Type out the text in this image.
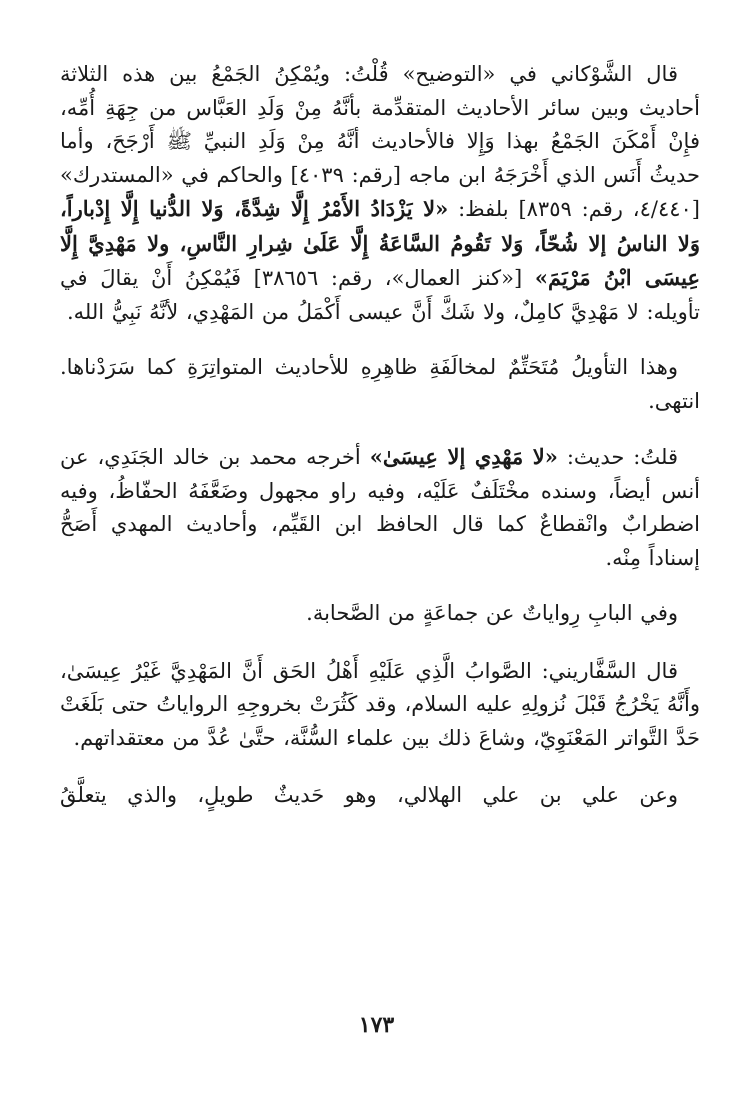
قال الشَّوْكاني في «التوضيح» قُلْتُ: ويُمْكِنُ الجَمْعُ بين هذه الثلاثة أحاديث وبين سائر الأحاديث المتقدِّمة بأنَّهُ مِنْ وَلَدِ العَبَّاس من جِهَةِ أُمِّه، فإِنْ أَمْكَنَ الجَمْعُ بهذا وَإِلا فالأحاديث أنَّهُ مِنْ وَلَدِ النبيِّ ﷺ أَرْجَحَ، وأما حديثُ أَنَس الذي أَخْرَجَهُ ابن ماجه [رقم: ٤٠٣٩] والحاكم في «المستدرك» [٤/٤٤٠، رقم: ٨٣٥٩] بلفظ: «لا يَزْدَادُ الأَمْرُ إِلَّا شِدَّةً، وَلا الدُّنيا إِلَّا إِدْباراً، وَلا الناسُ إلا شُحّاً، وَلا تَقُومُ السَّاعَةُ إِلَّا عَلَىٰ شِرارِ النَّاسِ، ولا مَهْدِيَّ إِلَّا عِيسَى ابْنُ مَرْيَمَ» [«كنز العمال»، رقم: ٣٨٦٥٦] فَيُمْكِنُ أَنْ يقالَ في تأويله: لا مَهْدِيَّ كامِلٌ، ولا شَكَّ أَنَّ عيسى أَكْمَلُ من المَهْدِي، لأنَّهُ نَبِيُّ الله.

وهذا التأويلُ مُتَحَتِّمٌ لمخالَفَةِ ظاهِرِهِ للأحاديث المتواتِرَةِ كما سَرَدْناها. انتهى.

قلتُ: حديث: «لا مَهْدِي إلا عِيسَىٰ» أخرجه محمد بن خالد الجَنَدِي، عن أنس أيضاً، وسنده مخْتَلَفٌ عَلَيْه، وفيه راو مجهول وضَعَّفَهُ الحفّاظُ، وفيه اضطرابٌ وانْقطاعٌ كما قال الحافظ ابن القَيِّم، وأحاديث المهدي أَصَحُّ إسناداً مِنْه.

وفي البابِ رِواياتٌ عن جماعَةٍ من الصَّحابة.

قال السَّفَّاريني: الصَّوابُ الَّذِي عَلَيْهِ أَهْلُ الحَق أَنَّ المَهْدِيَّ غَيْرُ عِيسَىٰ، وأَنَّهُ يَخْرُجُ قَبْلَ نُزولِهِ عليه السلام، وقد كَثُرَتْ بخروجِهِ الرواياتُ حتى بَلَغَتْ حَدَّ التَّواتر المَعْنَوِيّ، وشاعَ ذلك بين علماء السُّنَّة، حتَّىٰ عُدَّ من معتقداتهم.

وعن علي بن علي الهلالي، وهو حَديثٌ طويلٍ، والذي يتعلَّقُ

١٧٣
